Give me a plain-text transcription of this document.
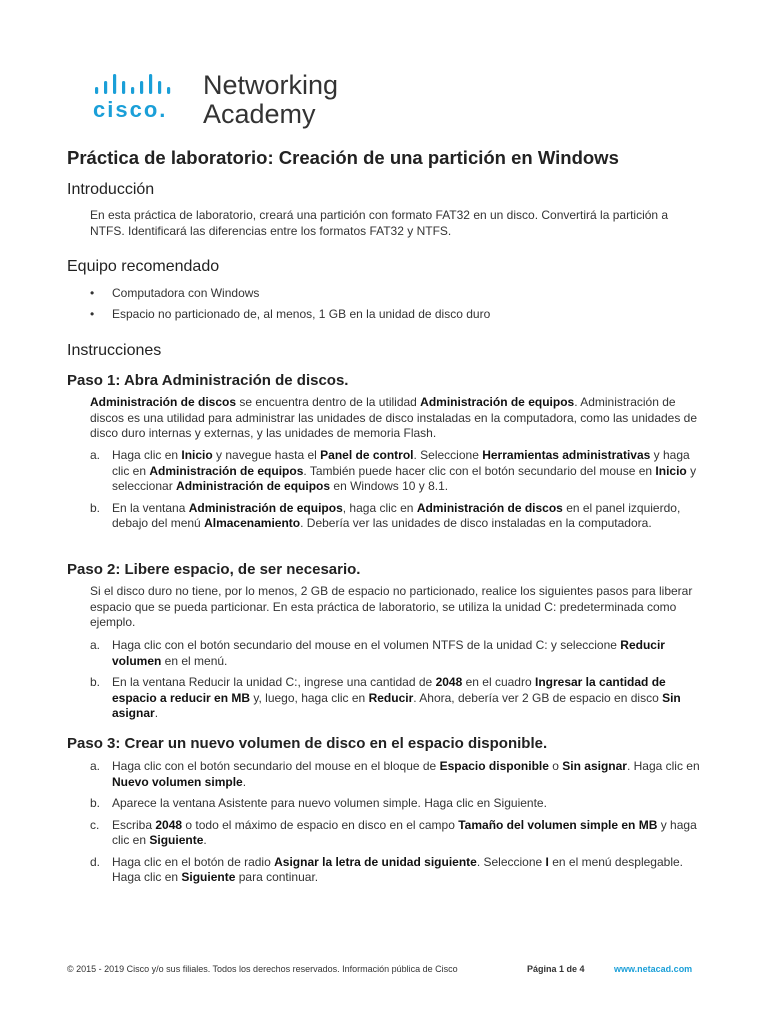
cisco.
Networking
Academy
Práctica de laboratorio: Creación de una partición en Windows
Introducción

En esta práctica de laboratorio, creará una partición con formato FAT32 en un disco. Convertirá la partición a NTFS. Identificará las diferencias entre los formatos FAT32 y NTFS.

Equipo recomendado
• Computadora con Windows
• Espacio no particionado de, al menos, 1 GB en la unidad de disco duro
Instrucciones
Paso 1: Abra Administración de discos.

Administración de discos se encuentra dentro de la utilidad Administración de equipos. Administración de discos es una utilidad para administrar las unidades de disco instaladas en la computadora, como las unidades de disco duro internas y externas, y las unidades de memoria Flash.

a. Haga clic en Inicio y navegue hasta el Panel de control. Seleccione Herramientas administrativas y haga clic en Administración de equipos. También puede hacer clic con el botón secundario del mouse en Inicio y seleccionar Administración de equipos en Windows 10 y 8.1.
b. En la ventana Administración de equipos, haga clic en Administración de discos en el panel izquierdo, debajo del menú Almacenamiento. Debería ver las unidades de disco instaladas en la computadora.
Paso 2: Libere espacio, de ser necesario.

Si el disco duro no tiene, por lo menos, 2 GB de espacio no particionado, realice los siguientes pasos para liberar espacio que se pueda particionar. En esta práctica de laboratorio, se utiliza la unidad C: predeterminada como ejemplo.

a. Haga clic con el botón secundario del mouse en el volumen NTFS de la unidad C: y seleccione Reducir volumen en el menú.
b. En la ventana Reducir la unidad C:, ingrese una cantidad de 2048 en el cuadro Ingresar la cantidad de espacio a reducir en MB y, luego, haga clic en Reducir. Ahora, debería ver 2 GB de espacio en disco Sin asignar.
Paso 3: Crear un nuevo volumen de disco en el espacio disponible.
a. Haga clic con el botón secundario del mouse en el bloque de Espacio disponible o Sin asignar. Haga clic en Nuevo volumen simple.
b. Aparece la ventana Asistente para nuevo volumen simple. Haga clic en Siguiente.
c. Escriba 2048 o todo el máximo de espacio en disco en el campo Tamaño del volumen simple en MB y haga clic en Siguiente.
d. Haga clic en el botón de radio Asignar la letra de unidad siguiente. Seleccione I en el menú desplegable. Haga clic en Siguiente para continuar.
© 2015 - 2019 Cisco y/o sus filiales. Todos los derechos reservados. Información pública de Cisco	Página 1 de 4	www.netacad.com
